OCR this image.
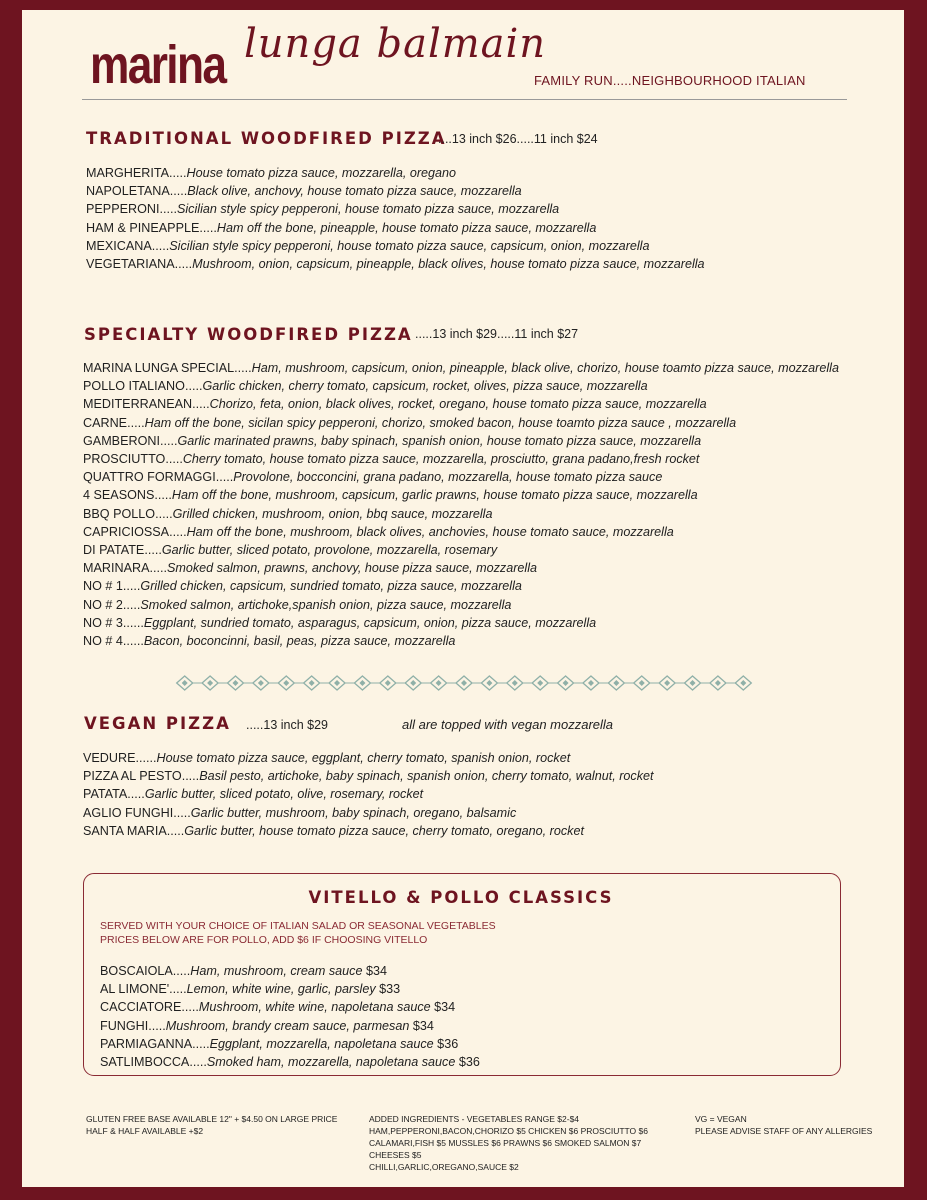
marina lunga balmain
FAMILY RUN.....NEIGHBOURHOOD ITALIAN
TRADITIONAL WOODFIRED PIZZA
....13 inch $26.....11 inch $24
MARGHERITA.....House tomato pizza sauce, mozzarella, oregano
NAPOLETANA.....Black olive, anchovy, house tomato pizza sauce, mozzarella
PEPPERONI.....Sicilian style spicy pepperoni, house tomato pizza sauce, mozzarella
HAM & PINEAPPLE.....Ham off the bone, pineapple, house tomato pizza sauce, mozzarella
MEXICANA.....Sicilian style spicy pepperoni, house tomato pizza sauce, capsicum, onion, mozzarella
VEGETARIANA.....Mushroom, onion, capsicum, pineapple, black olives, house tomato pizza sauce, mozzarella
SPECIALTY WOODFIRED PIZZA .....13 inch $29.....11 inch $27
MARINA LUNGA SPECIAL.....Ham, mushroom, capsicum, onion, pineapple, black olive, chorizo, house toamto pizza sauce, mozzarella
POLLO ITALIANO.....Garlic chicken, cherry tomato, capsicum, rocket, olives, pizza sauce, mozzarella
MEDITERRANEAN.....Chorizo, feta, onion, black olives, rocket, oregano, house tomato pizza sauce, mozzarella
CARNE.....Ham off the bone, sicilan spicy pepperoni, chorizo, smoked bacon, house toamto pizza sauce , mozzarella
GAMBERONI.....Garlic marinated prawns, baby spinach, spanish onion, house tomato pizza sauce, mozzarella
PROSCIUTTO.....Cherry tomato, house tomato pizza sauce, mozzarella, prosciutto, grana padano,fresh rocket
QUATTRO FORMAGGI.....Provolone, bocconcini, grana padano, mozzarella, house tomato pizza sauce
4 SEASONS.....Ham off the bone, mushroom, capsicum, garlic prawns, house tomato pizza sauce, mozzarella
BBQ POLLO.....Grilled chicken, mushroom, onion, bbq sauce, mozzarella
CAPRICIOSSA.....Ham off the bone, mushroom, black olives, anchovies, house tomato sauce, mozzarella
DI PATATE.....Garlic butter, sliced potato, provolone, mozzarella, rosemary
MARINARA.....Smoked salmon, prawns, anchovy, house pizza sauce, mozzarella
NO # 1.....Grilled chicken, capsicum, sundried tomato, pizza sauce, mozzarella
NO # 2.....Smoked salmon, artichoke,spanish onion, pizza sauce, mozzarella
NO # 3......Eggplant, sundried tomato, asparagus, capsicum, onion, pizza sauce, mozzarella
NO # 4......Bacon, boconcinni, basil, peas, pizza sauce, mozzarella
VEGAN PIZZA .....13 inch $29	all are topped with vegan mozzarella
VEDURE......House tomato pizza sauce, eggplant, cherry tomato, spanish onion, rocket
PIZZA AL PESTO.....Basil pesto, artichoke, baby spinach, spanish onion, cherry tomato, walnut, rocket
PATATA.....Garlic butter, sliced potato, olive, rosemary, rocket
AGLIO FUNGHI.....Garlic butter, mushroom, baby spinach, oregano, balsamic
SANTA MARIA.....Garlic butter, house tomato pizza sauce, cherry tomato, oregano, rocket
VITELLO & POLLO CLASSICS
SERVED WITH YOUR CHOICE OF ITALIAN SALAD OR SEASONAL VEGETABLES
PRICES BELOW ARE FOR POLLO, ADD $6 IF CHOOSING VITELLO
BOSCAIOLA.....Ham, mushroom, cream sauce $34
AL LIMONE'.....Lemon, white wine, garlic, parsley $33
CACCIATORE.....Mushroom, white wine, napoletana sauce $34
FUNGHI.....Mushroom, brandy cream sauce, parmesan $34
PARMIAGANNA.....Eggplant, mozzarella, napoletana sauce $36
SATLIMBOCCA.....Smoked ham, mozzarella, napoletana sauce $36
GLUTEN FREE BASE AVAILABLE 12" + $4.50 ON LARGE PRICE
HALF & HALF AVAILABLE +$2
ADDED INGREDIENTS - VEGETABLES RANGE $2-$4
HAM,PEPPERONI,BACON,CHORIZO $5 CHICKEN $6 PROSCIUTTO $6
CALAMARI,FISH $5 MUSSLES $6 PRAWNS $6 SMOKED SALMON $7
CHEESES $5
CHILLI,GARLIC,OREGANO,SAUCE $2
VG = VEGAN
PLEASE ADVISE STAFF OF ANY ALLERGIES
